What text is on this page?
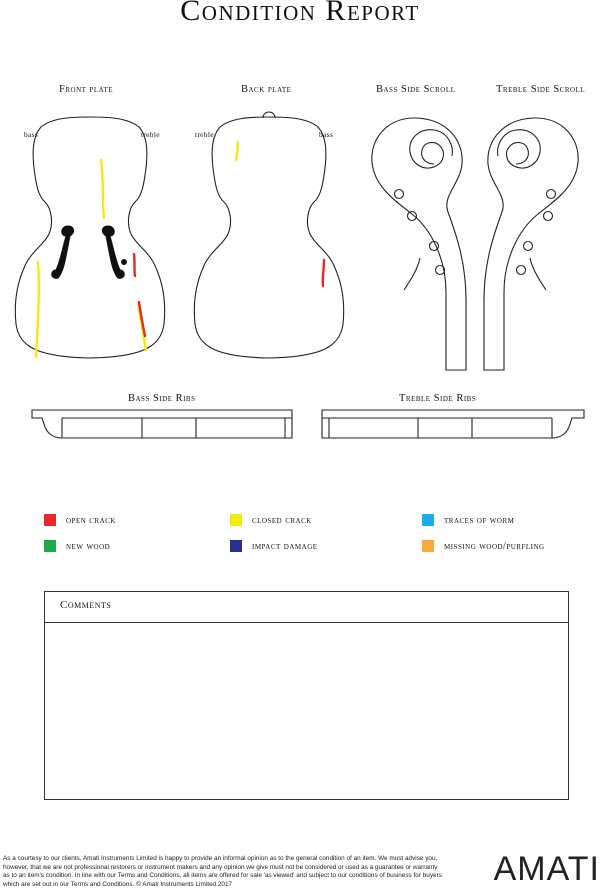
Condition Report
Front plate	Back plate	Bass Side Scroll	Treble Side Scroll
bass	treble	treble	bass
Bass Side Ribs	Treble Side Ribs
open crack	closed crack	traces of worm
new wood	impact damage	missing wood/purfling
Comments
As a courtesy to our clients, Amati Instruments Limited is happy to provide an informal opinion as to the general condition of an item. We must advise you, however, that we are not professional restorers or instrument makers and any opinion we give must not be considered or used as a guarantee or warranty as to an item's condition. In line with our Terms and Conditions, all items are offered for sale 'as viewed' and subject to our conditions of business for buyers which are set out in our Terms and Conditions. © Amati Instruments Limited 2017	AMATI
